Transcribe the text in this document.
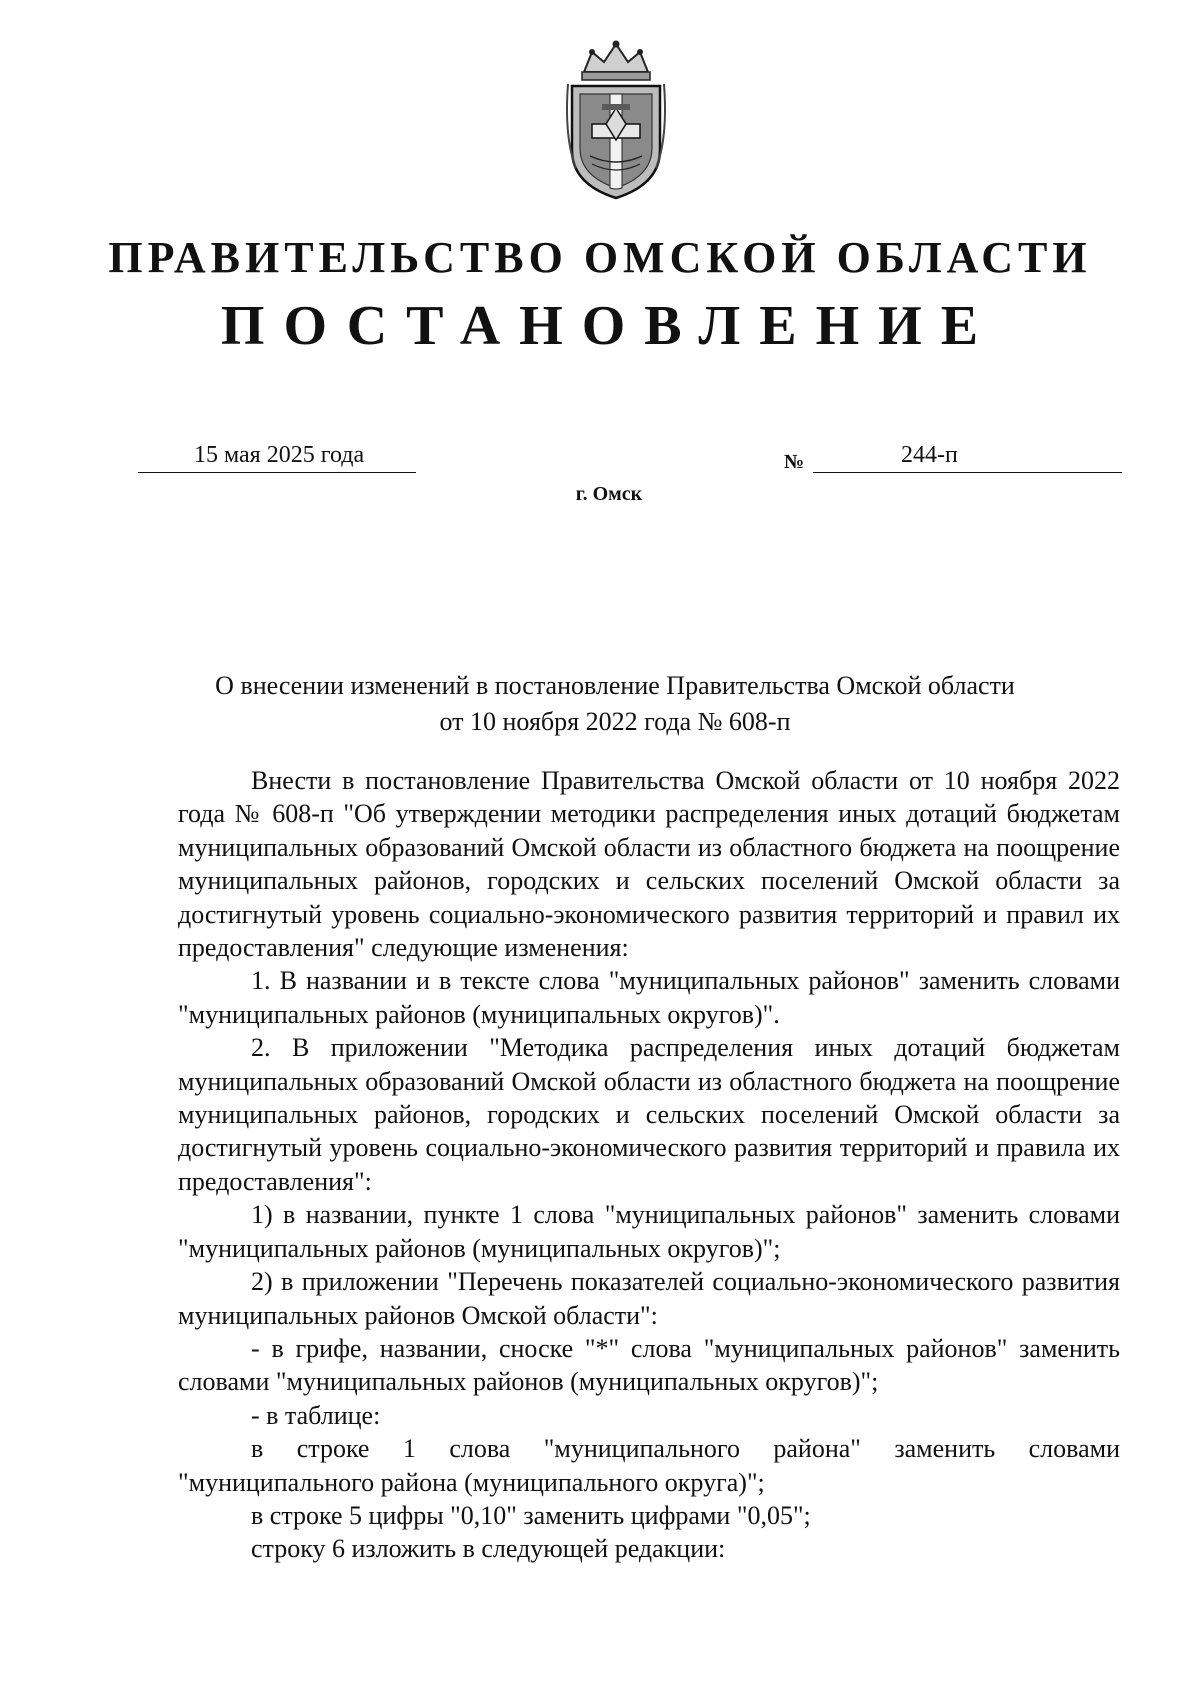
ПРАВИТЕЛЬСТВО ОМСКОЙ ОБЛАСТИ
ПОСТАНОВЛЕНИЕ
15 мая 2025 года	№	244-п
г. Омск
О внесении изменений в постановление Правительства Омской области
от 10 ноября 2022 года № 608-п

Внести в постановление Правительства Омской области от 10 ноября 2022 года № 608-п "Об утверждении методики распределения иных дотаций бюджетам муниципальных образований Омской области из областного бюджета на поощрение муниципальных районов, городских и сельских поселений Омской области за достигнутый уровень социально-экономического развития территорий и правил их предоставления" следующие изменения:

1. В названии и в тексте слова "муниципальных районов" заменить словами "муниципальных районов (муниципальных округов)".

2. В приложении "Методика распределения иных дотаций бюджетам муниципальных образований Омской области из областного бюджета на поощрение муниципальных районов, городских и сельских поселений Омской области за достигнутый уровень социально-экономического развития территорий и правила их предоставления":

1) в названии, пункте 1 слова "муниципальных районов" заменить словами "муниципальных районов (муниципальных округов)";

2) в приложении "Перечень показателей социально-экономического развития муниципальных районов Омской области":

- в грифе, названии, сноске "*" слова "муниципальных районов" заменить словами "муниципальных районов (муниципальных округов)";

- в таблице:

в строке 1 слова "муниципального района" заменить словами "муниципального района (муниципального округа)";

в строке 5 цифры "0,10" заменить цифрами "0,05";

строку 6 изложить в следующей редакции:
